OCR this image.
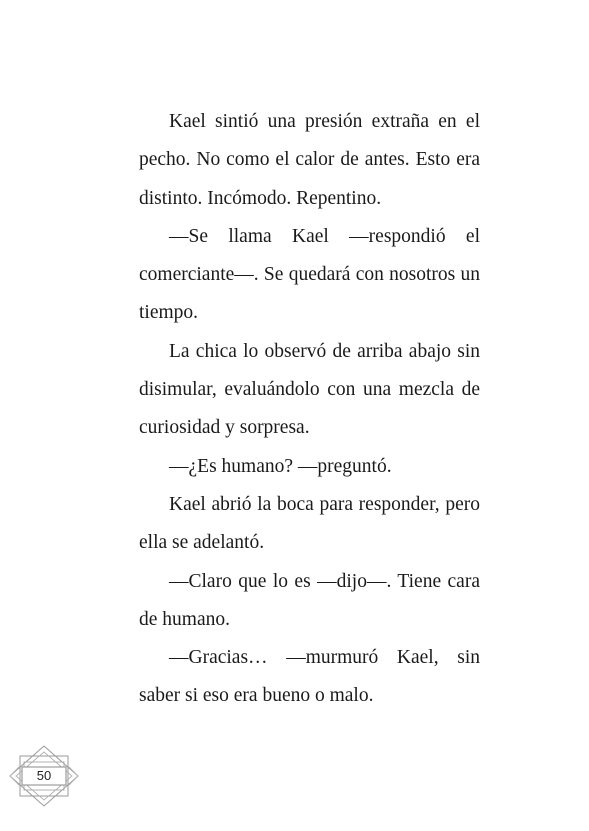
Kael sintió una presión extraña en el pecho. No como el calor de antes. Esto era distinto. Incómodo. Repentino.

—Se llama Kael —respondió el comerciante—. Se quedará con nosotros un tiempo.

La chica lo observó de arriba abajo sin disimular, evaluándolo con una mezcla de curiosidad y sorpresa.

—¿Es humano? —preguntó.

Kael abrió la boca para responder, pero ella se adelantó.

—Claro que lo es —dijo—. Tiene cara de humano.

—Gracias… —murmuró Kael, sin saber si eso era bueno o malo.

50
